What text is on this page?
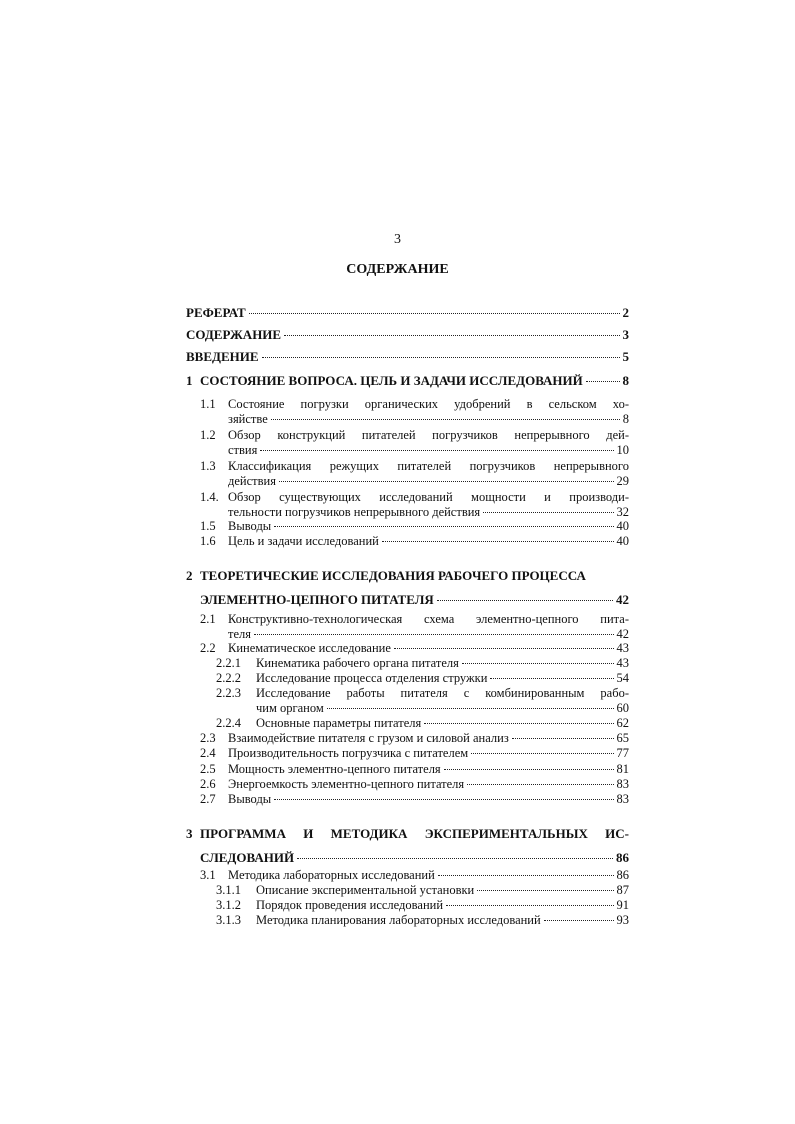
3
СОДЕРЖАНИЕ
РЕФЕРАТ	2
СОДЕРЖАНИЕ	3
ВВЕДЕНИЕ	5
1 СОСТОЯНИЕ ВОПРОСА. ЦЕЛЬ И ЗАДАЧИ ИССЛЕДОВАНИЙ	8
1.1 Состояние погрузки органических удобрений в сельском хо-
зяйстве	8
1.2 Обзор конструкций питателей погрузчиков непрерывного дей-
ствия	10
1.3 Классификация режущих питателей погрузчиков непрерывного
действия	29
1.4. Обзор существующих исследований мощности и производи-
тельности погрузчиков непрерывного действия	32
1.5 Выводы	40
1.6 Цель и задачи исследований	40
2 ТЕОРЕТИЧЕСКИЕ ИССЛЕДОВАНИЯ РАБОЧЕГО ПРОЦЕССА
ЭЛЕМЕНТНО-ЦЕПНОГО ПИТАТЕЛЯ	42
2.1 Конструктивно-технологическая схема элементно-цепного пита-
теля	42
2.2 Кинематическое исследование	43
2.2.1 Кинематика рабочего органа питателя	43
2.2.2 Исследование процесса отделения стружки	54
2.2.3 Исследование работы питателя с комбинированным рабо-
чим органом	60
2.2.4 Основные параметры питателя	62
2.3 Взаимодействие питателя с грузом и силовой анализ	65
2.4 Производительность погрузчика с питателем	77
2.5 Мощность элементно-цепного питателя	81
2.6 Энергоемкость элементно-цепного питателя	83
2.7 Выводы	83
3 ПРОГРАММА И МЕТОДИКА ЭКСПЕРИМЕНТАЛЬНЫХ ИС-
СЛЕДОВАНИЙ	86
3.1 Методика лабораторных исследований	86
3.1.1 Описание экспериментальной установки	87
3.1.2 Порядок проведения исследований	91
3.1.3 Методика планирования лабораторных исследований	93
